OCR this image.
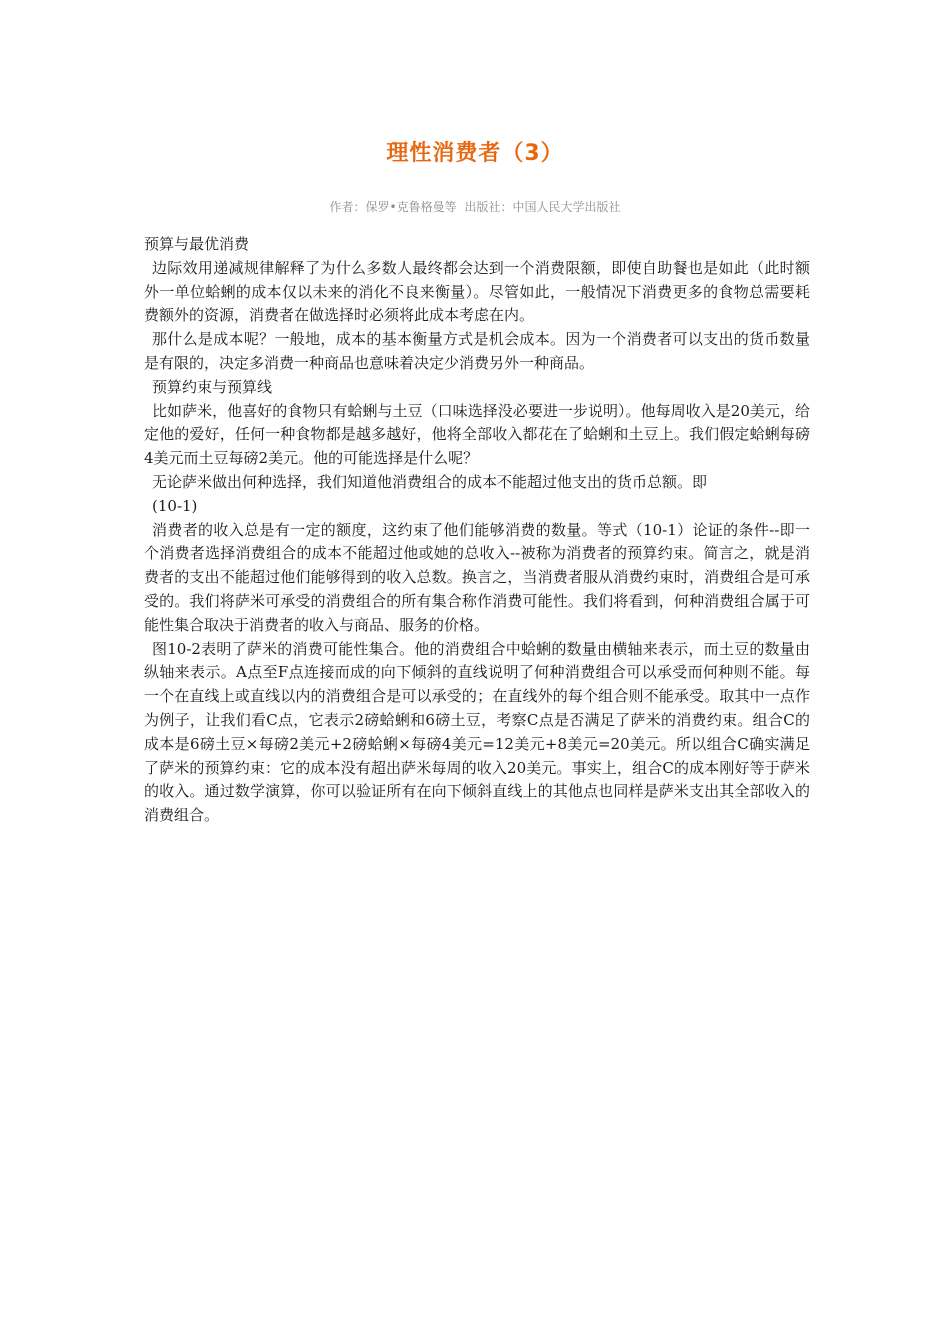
理性消费者（3）
作者：保罗•克鲁格曼等 出版社：中国人民大学出版社

预算与最优消费

边际效用递减规律解释了为什么多数人最终都会达到一个消费限额，即使自助餐也是如此（此时额外一单位蛤蜊的成本仅以未来的消化不良来衡量）。尽管如此，一般情况下消费更多的食物总需要耗费额外的资源，消费者在做选择时必须将此成本考虑在内。

那什么是成本呢？一般地，成本的基本衡量方式是机会成本。因为一个消费者可以支出的货币数量是有限的，决定多消费一种商品也意味着决定少消费另外一种商品。

预算约束与预算线

比如萨米，他喜好的食物只有蛤蜊与土豆（口味选择没必要进一步说明）。他每周收入是20美元，给定他的爱好，任何一种食物都是越多越好，他将全部收入都花在了蛤蜊和土豆上。我们假定蛤蜊每磅4美元而土豆每磅2美元。他的可能选择是什么呢？

无论萨米做出何种选择，我们知道他消费组合的成本不能超过他支出的货币总额。即

(10-1)

消费者的收入总是有一定的额度，这约束了他们能够消费的数量。等式（10-1）论证的条件--即一个消费者选择消费组合的成本不能超过他或她的总收入--被称为消费者的预算约束。简言之，就是消费者的支出不能超过他们能够得到的收入总数。换言之，当消费者服从消费约束时，消费组合是可承受的。我们将萨米可承受的消费组合的所有集合称作消费可能性。我们将看到，何种消费组合属于可能性集合取决于消费者的收入与商品、服务的价格。

图10-2表明了萨米的消费可能性集合。他的消费组合中蛤蜊的数量由横轴来表示，而土豆的数量由纵轴来表示。A点至F点连接而成的向下倾斜的直线说明了何种消费组合可以承受而何种则不能。每一个在直线上或直线以内的消费组合是可以承受的；在直线外的每个组合则不能承受。取其中一点作为例子，让我们看C点，它表示2磅蛤蜊和6磅土豆，考察C点是否满足了萨米的消费约束。组合C的成本是6磅土豆×每磅2美元+2磅蛤蜊×每磅4美元=12美元+8美元=20美元。所以组合C确实满足了萨米的预算约束：它的成本没有超出萨米每周的收入20美元。事实上，组合C的成本刚好等于萨米的收入。通过数学演算，你可以验证所有在向下倾斜直线上的其他点也同样是萨米支出其全部收入的消费组合。
